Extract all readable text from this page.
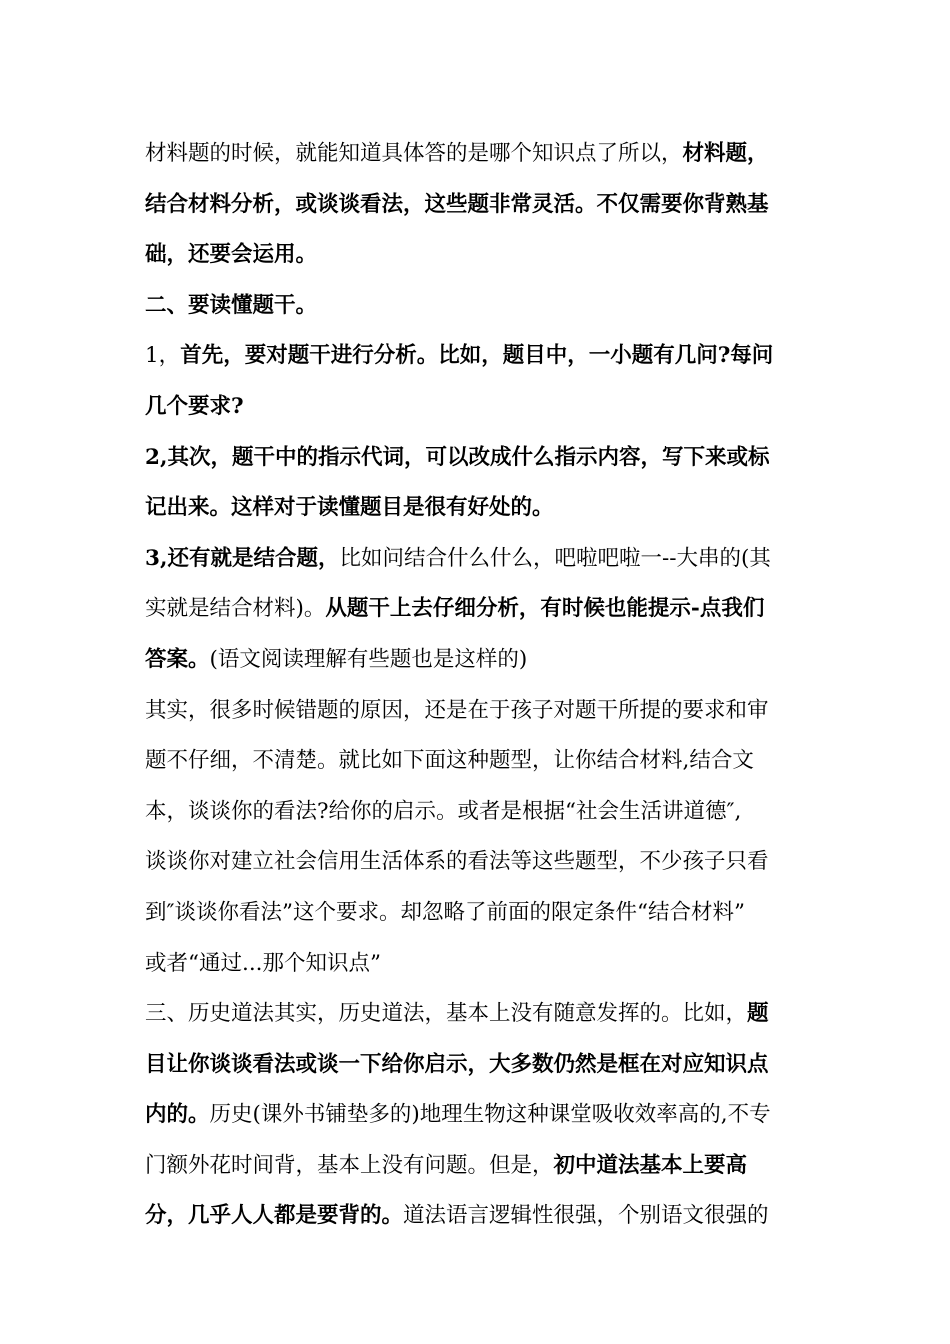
材料题的时候，就能知道具体答的是哪个知识点了所以，材料题，
结合材料分析，或谈谈看法，这些题非常灵活。不仅需要你背熟基
础，还要会运用。
二、要读懂题干。
1，首先，要对题干进行分析。比如，题目中，一小题有几问?每问
几个要求?
2,其次，题干中的指示代词，可以改成什么指示内容，写下来或标
记出来。这样对于读懂题目是很有好处的。
3,还有就是结合题，比如问结合什么什么，吧啦吧啦一--大串的(其
实就是结合材料)。从题干上去仔细分析，有时候也能提示-点我们
答案。(语文阅读理解有些题也是这样的)
其实，很多时候错题的原因，还是在于孩子对题干所提的要求和审
题不仔细，不清楚。就比如下面这种题型，让你结合材料,结合文
本，谈谈你的看法?给你的启示。或者是根据“社会生活讲道德″,
谈谈你对建立社会信用生活体系的看法等这些题型，不少孩子只看
到″谈谈你看法”这个要求。却忽略了前面的限定条件“结合材料”
或者“通过...那个知识点”
三、历史道法其实，历史道法，基本上没有随意发挥的。比如，题
目让你谈谈看法或谈一下给你启示，大多数仍然是框在对应知识点
内的。历史(课外书铺垫多的)地理生物这种课堂吸收效率高的,不专
门额外花时间背，基本上没有问题。但是，初中道法基本上要高
分，几乎人人都是要背的。道法语言逻辑性很强，个别语文很强的
